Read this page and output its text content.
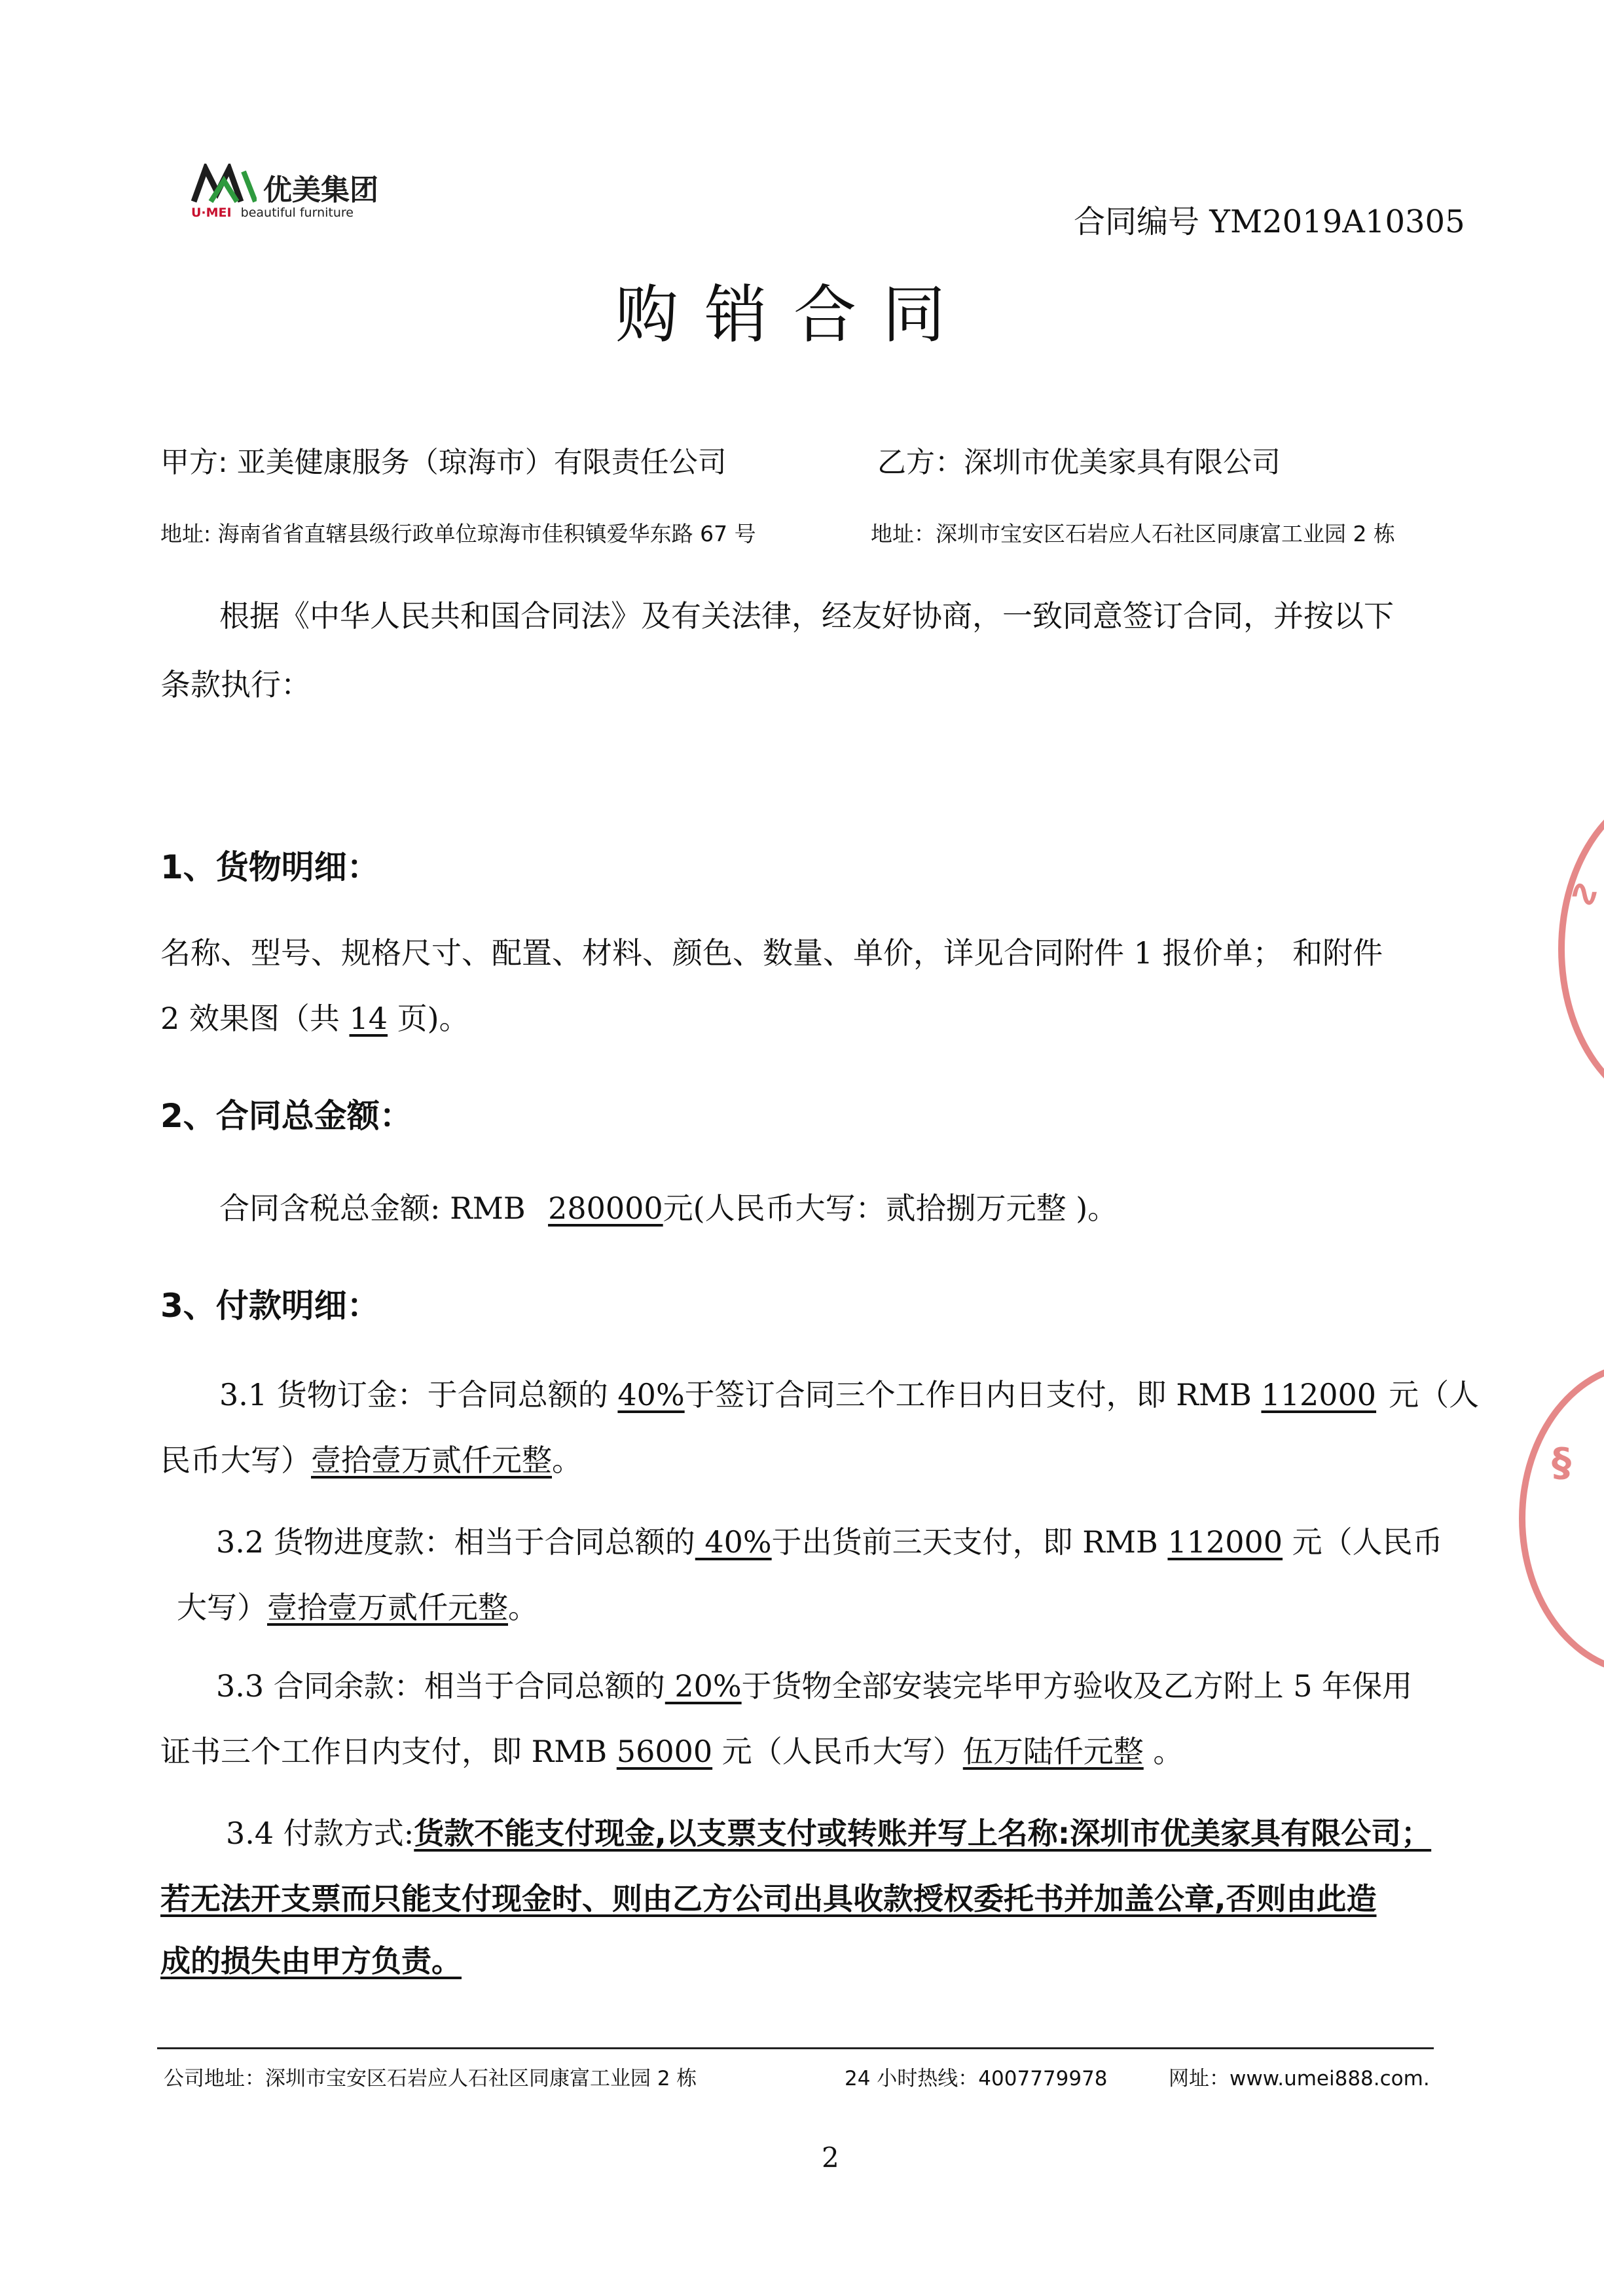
优美集团
U·MEI beautiful furniture	合同编号 YM2019A10305
购销合同
甲方: 亚美健康服务（琼海市）有限责任公司	乙方：深圳市优美家具有限公司
地址: 海南省省直辖县级行政单位琼海市佳积镇爱华东路 67 号	地址：深圳市宝安区石岩应人石社区同康富工业园 2 栋
根据《中华人民共和国合同法》及有关法律，经友好协商，一致同意签订合同，并按以下
条款执行：
1、货物明细：
名称、型号、规格尺寸、配置、材料、颜色、数量、单价，详见合同附件 1 报价单； 和附件
2 效果图（共 14 页)。
2、合同总金额：
合同含税总金额: RMB 280000元(人民币大写：贰拾捌万元整 )。
3、付款明细：
3.1 货物订金：于合同总额的 40%于签订合同三个工作日内日支付，即 RMB 112000 元（人
民币大写）壹拾壹万贰仟元整。
3.2 货物进度款：相当于合同总额的 40%于出货前三天支付，即 RMB 112000 元（人民币
大写）壹拾壹万贰仟元整。
3.3 合同余款：相当于合同总额的 20%于货物全部安装完毕甲方验收及乙方附上 5 年保用
证书三个工作日内支付，即 RMB 56000 元（人民币大写）伍万陆仟元整 。
3.4 付款方式:货款不能支付现金,以支票支付或转账并写上名称:深圳市优美家具有限公司；
若无法开支票而只能支付现金时、则由乙方公司出具收款授权委托书并加盖公章,否则由此造
成的损失由甲方负责。
公司地址：深圳市宝安区石岩应人石社区同康富工业园 2 栋	24 小时热线：4007779978	网址：www.umei888.com.
2
∿
§
